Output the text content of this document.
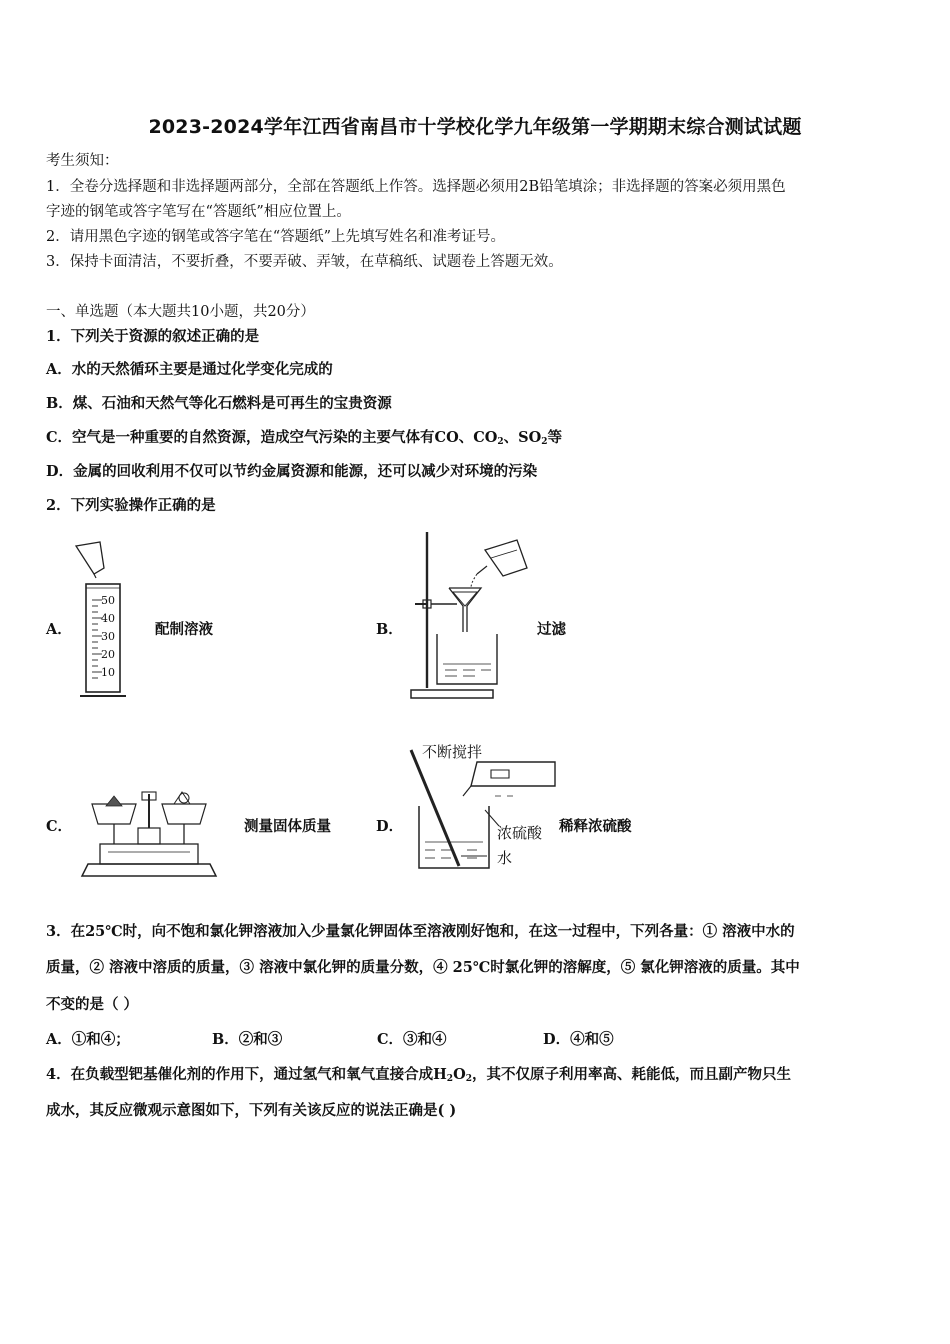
2023-2024学年江西省南昌市十学校化学九年级第一学期期末综合测试试题
考生须知：
1．全卷分选择题和非选择题两部分，全部在答题纸上作答。选择题必须用2B铅笔填涂；非选择题的答案必须用黑色
字迹的钢笔或答字笔写在“答题纸”相应位置上。
2．请用黑色字迹的钢笔或答字笔在“答题纸”上先填写姓名和准考证号。
3．保持卡面清洁，不要折叠，不要弄破、弄皱，在草稿纸、试题卷上答题无效。
一、单选题（本大题共10小题，共20分）
1．下列关于资源的叙述正确的是
A．水的天然循环主要是通过化学变化完成的
B．煤、石油和天然气等化石燃料是可再生的宝贵资源
C．空气是一种重要的自然资源，造成空气污染的主要气体有CO、$CO_2$、$SO_2$等
D．金属的回收利用不仅可以节约金属资源和能源，还可以减少对环境的污染
2．下列实验操作正确的是
A．
50
40
30
20
10
配制溶液	B．	过滤
C．	测量固体质量	D．
不断搅拌
浓硫酸
水
稀释浓硫酸
3．在25℃时，向不饱和氯化钾溶液加入少量氯化钾固体至溶液刚好饱和，在这一过程中，下列各量：① 溶液中水的
质量，② 溶液中溶质的质量，③ 溶液中氯化钾的质量分数，④ 25℃时氯化钾的溶解度，⑤ 氯化钾溶液的质量。其中
不变的是（ ）
A．①和④；	B．②和③	C．③和④	D．④和⑤
4．在负载型钯基催化剂的作用下，通过氢气和氧气直接合成$H_2O_2$，其不仅原子利用率高、耗能低，而且副产物只生
成水，其反应微观示意图如下，下列有关该反应的说法正确是( )
